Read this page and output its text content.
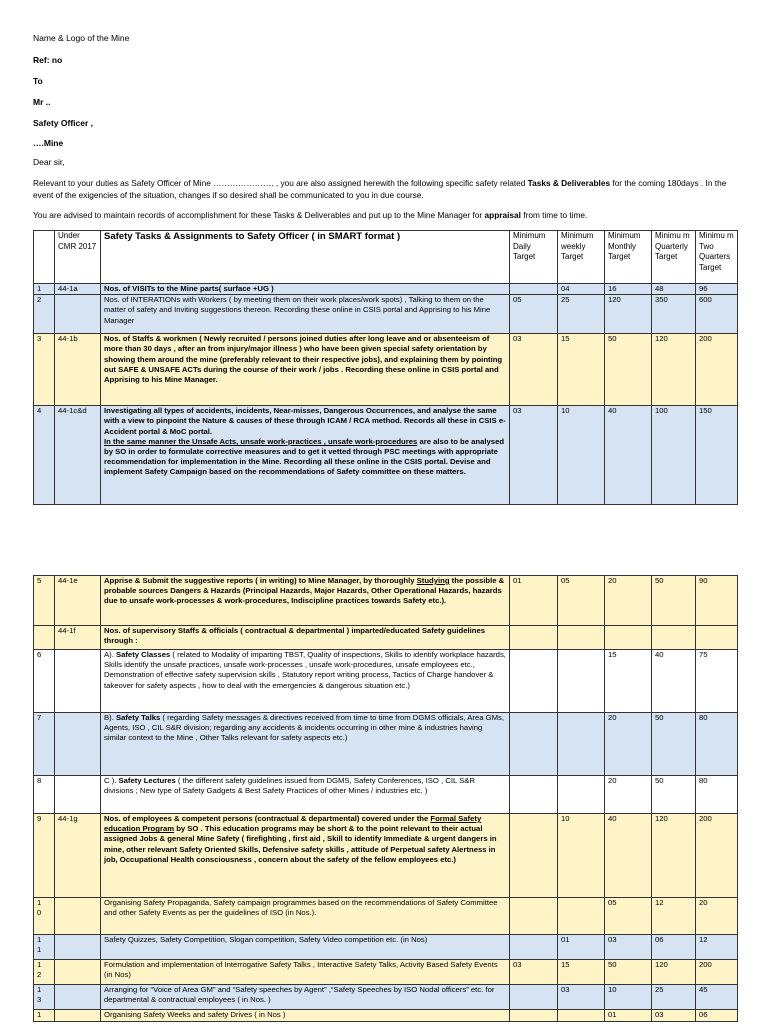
Name & Logo of the Mine
Ref: no
To
Mr ..
Safety Officer ,
….Mine
Dear sir,
Relevant to your duties as Safety Officer of Mine …………………. , you are also assigned herewith the following specific safety related Tasks & Deliverables for the coming 180days . In the event of the exigencies of the situation, changes if so desired shall be communicated to you in due course.
You are advised to maintain records of accomplishment for these Tasks & Deliverables and put up to the Mine Manager for appraisal from time to time.
	Under CMR 2017	Safety Tasks & Assignments to Safety Officer ( in SMART format )	Minimum Daily Target	Minimum weekly Target	Minimum Monthly Target	Minimu m Quarterly Target	Minimu m Two Quarters Target
1	44-1a	Nos. of VISITs to the Mine parts( surface +UG )		04	16	48	96
2		Nos. of INTERATIONs with Workers ( by meeting them on their work places/work spots) , Talking to them on the matter of safety and Inviting suggestions thereon. Recording these online in CSIS portal and Apprising to his Mine Manager	05	25	120	350	600
3	44-1b	Nos. of Staffs & workmen ( Newly recruited / persons joined duties after long leave and or absenteeism of more than 30 days , after an from injury/major illness ) who have been given special safety orientation by showing them around the mine (preferably relevant to their respective jobs), and explaining them by pointing out SAFE & UNSAFE ACTs during the course of their work / jobs . Recording these online in CSIS portal and Apprising to his Mine Manager.	03	15	50	120	200
4	44-1c&d	Investigating all types of accidents, incidents, Near-misses, Dangerous Occurrences, and analyse the same with a view to pinpoint the Nature & causes of these through ICAM / RCA method. Records all these in CSIS e-Accident portal & MoC portal.
In the same manner the Unsafe Acts, unsafe work-practices , unsafe work-procedures are also to be analysed by SO in order to formulate corrective measures and to get it vetted through PSC meetings with appropriate recommendation for implementation in the Mine. Recording all these online in the CSIS portal. Devise and implement Safety Campaign based on the recommendations of Safety committee on these matters.	03	10	40	100	150
5	44-1e	Apprise & Submit the suggestive reports ( in writing) to Mine Manager, by thoroughly Studying the possible & probable sources Dangers & Hazards (Principal Hazards, Major Hazards, Other Operational Hazards, hazards due to unsafe work-processes & work-procedures, Indiscipline practices towards Safety etc.).	01	05	20	50	90
	44-1f	Nos. of supervisory Staffs & officials ( contractual & departmental ) imparted/educated Safety guidelines through :					
6		A). Safety Classes ( related to Modality of imparting TBST, Quality of inspections, Skills to identify workplace hazards, Skills identify the unsafe practices, unsafe work-processes , unsafe work-procedures, unsafe employees etc., Demonstration of effective safety supervision skills , Statutory report writing process, Tactics of Charge handover & takeover for safety aspects , how to deal with the emergencies & dangerous situation etc.)			15	40	75
7		B). Safety Talks ( regarding Safety messages & directives received from time to time from DGMS officials, Area GMs, Agents, ISO , CIL S&R division; regarding any accidents & incidents occurring in other mine & industries having similar context to the Mine , Other Talks relevant for safety aspects etc.)			20	50	80
8		C ). Safety Lectures ( the different safety guidelines issued from DGMS, Safety Conferences, ISO , CIL S&R divisions ; New type of Safety Gadgets & Best Safety Practices of other Mines / industries etc. )			20	50	80
9	44-1g	Nos. of employees & competent persons (contractual & departmental) covered under the Formal Safety education Program by SO . This education programs may be short & to the point relevant to their actual assigned Jobs & general Mine Safety ( firefighting , first aid , Skill to identify Immediate & urgent dangers in mine, other relevant Safety Oriented Skills, Defensive safety skills , attitude of Perpetual safety Alertness in job, Occupational Health consciousness , concern about the safety of the fellow employees etc.)		10	40	120	200
1
0		Organising Safety Propaganda, Safety campaign programmes based on the recommendations of Safety Committee and other Safety Events as per the guidelines of ISO (in Nos.).			05	12	20
1
1		Safety Quizzes, Safety Competition, Slogan competition, Safety Video competition etc. (in Nos)		01	03	06	12
1
2		Formulation and implementation of Interrogative Safety Talks , Interactive Safety Talks, Activity Based Safety Events (in Nos)	03	15	50	120	200
1
3		Arranging for “Voice of Area GM” and “Safety speeches by Agent” ,“Safety Speeches by ISO Nodal officers” etc. for departmental & contractual employees ( in Nos. )		03	10	25	45
1		Organising Safety Weeks and safety Drives ( in Nos )			01	03	06
